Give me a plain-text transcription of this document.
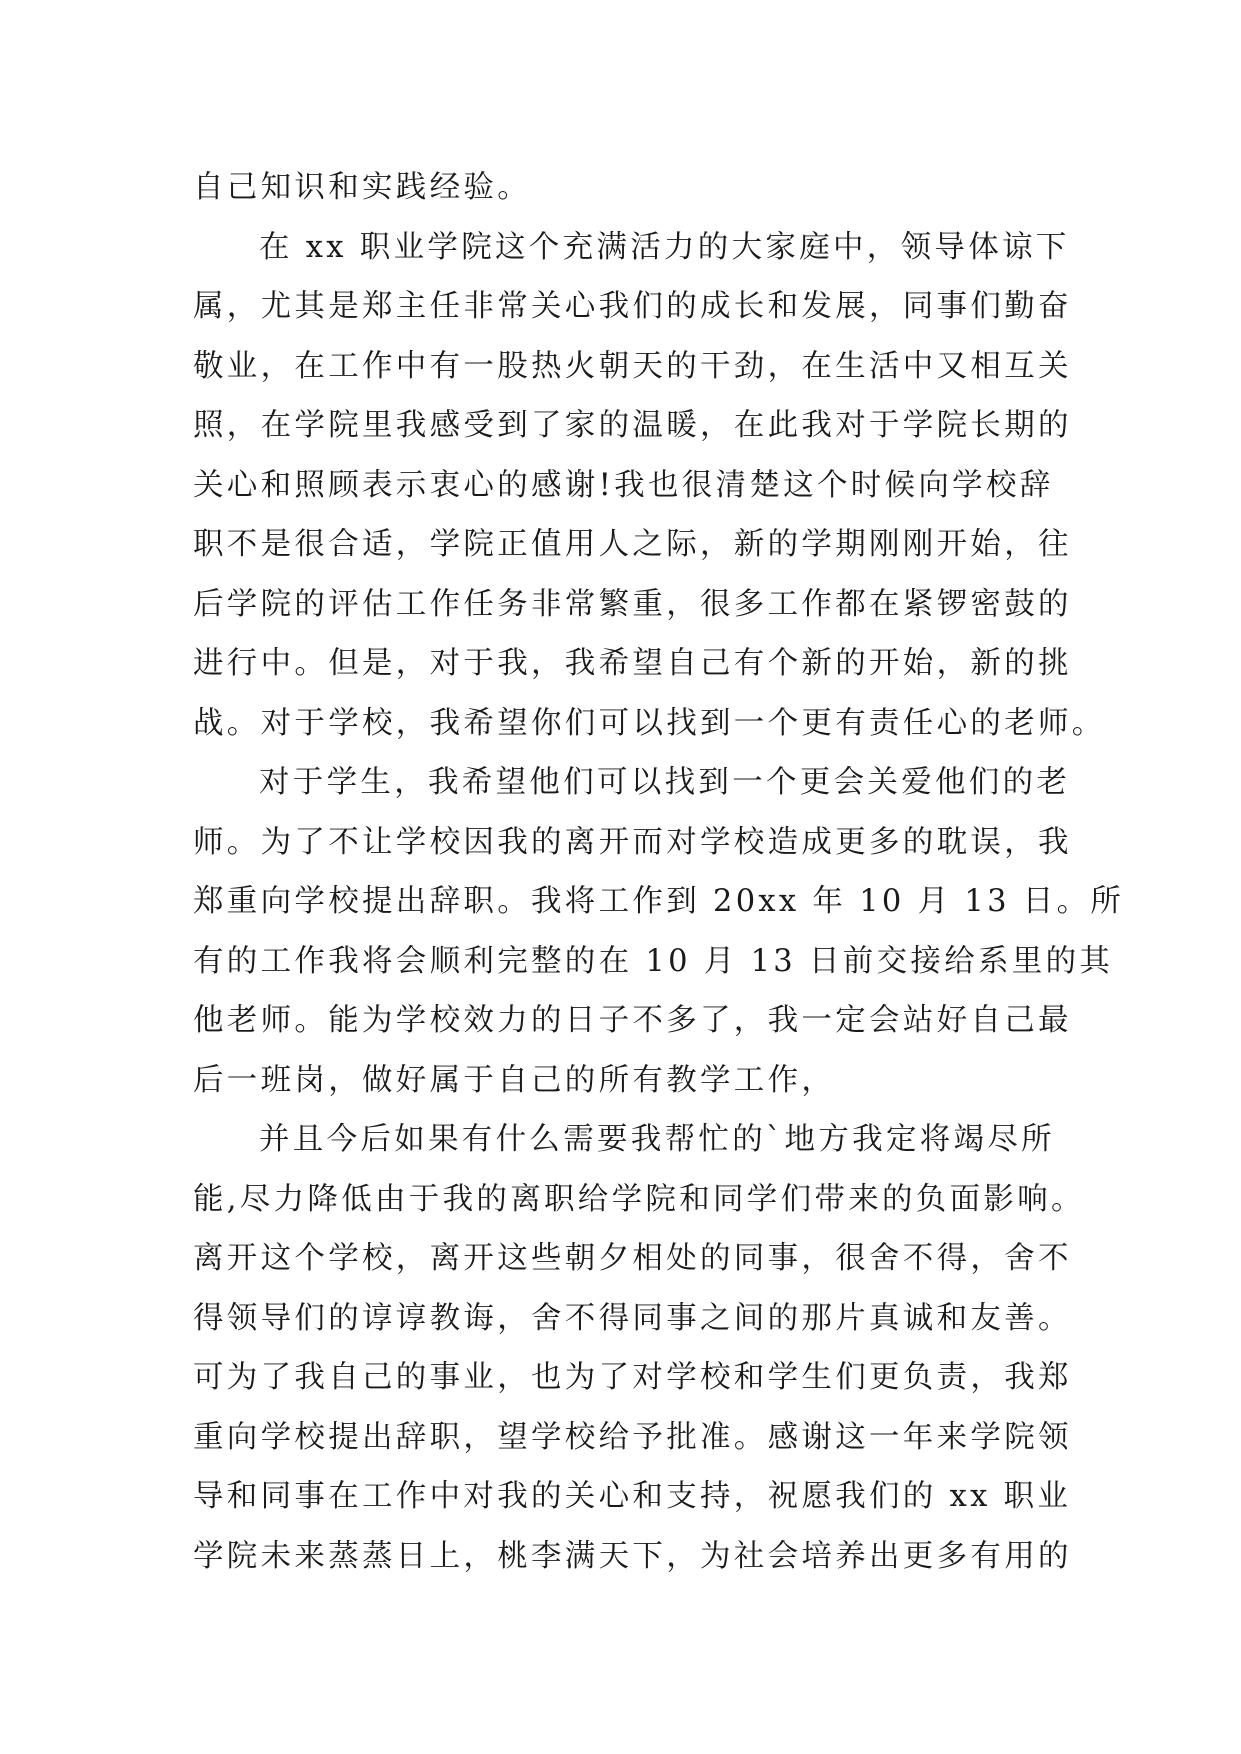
自己知识和实践经验。
在 xx 职业学院这个充满活力的大家庭中，领导体谅下
属，尤其是郑主任非常关心我们的成长和发展，同事们勤奋
敬业，在工作中有一股热火朝天的干劲，在生活中又相互关
照，在学院里我感受到了家的温暖，在此我对于学院长期的
关心和照顾表示衷心的感谢!我也很清楚这个时候向学校辞
职不是很合适，学院正值用人之际，新的学期刚刚开始，往
后学院的评估工作任务非常繁重，很多工作都在紧锣密鼓的
进行中。但是，对于我，我希望自己有个新的开始，新的挑
战。对于学校，我希望你们可以找到一个更有责任心的老师。
对于学生，我希望他们可以找到一个更会关爱他们的老
师。为了不让学校因我的离开而对学校造成更多的耽误，我
郑重向学校提出辞职。我将工作到 20xx 年 10 月 13 日。所
有的工作我将会顺利完整的在 10 月 13 日前交接给系里的其
他老师。能为学校效力的日子不多了，我一定会站好自己最
后一班岗，做好属于自己的所有教学工作，
并且今后如果有什么需要我帮忙的`地方我定将竭尽所
能,尽力降低由于我的离职给学院和同学们带来的负面影响。
离开这个学校，离开这些朝夕相处的同事，很舍不得，舍不
得领导们的谆谆教诲，舍不得同事之间的那片真诚和友善。
可为了我自己的事业，也为了对学校和学生们更负责，我郑
重向学校提出辞职，望学校给予批准。感谢这一年来学院领
导和同事在工作中对我的关心和支持，祝愿我们的 xx 职业
学院未来蒸蒸日上，桃李满天下，为社会培养出更多有用的
